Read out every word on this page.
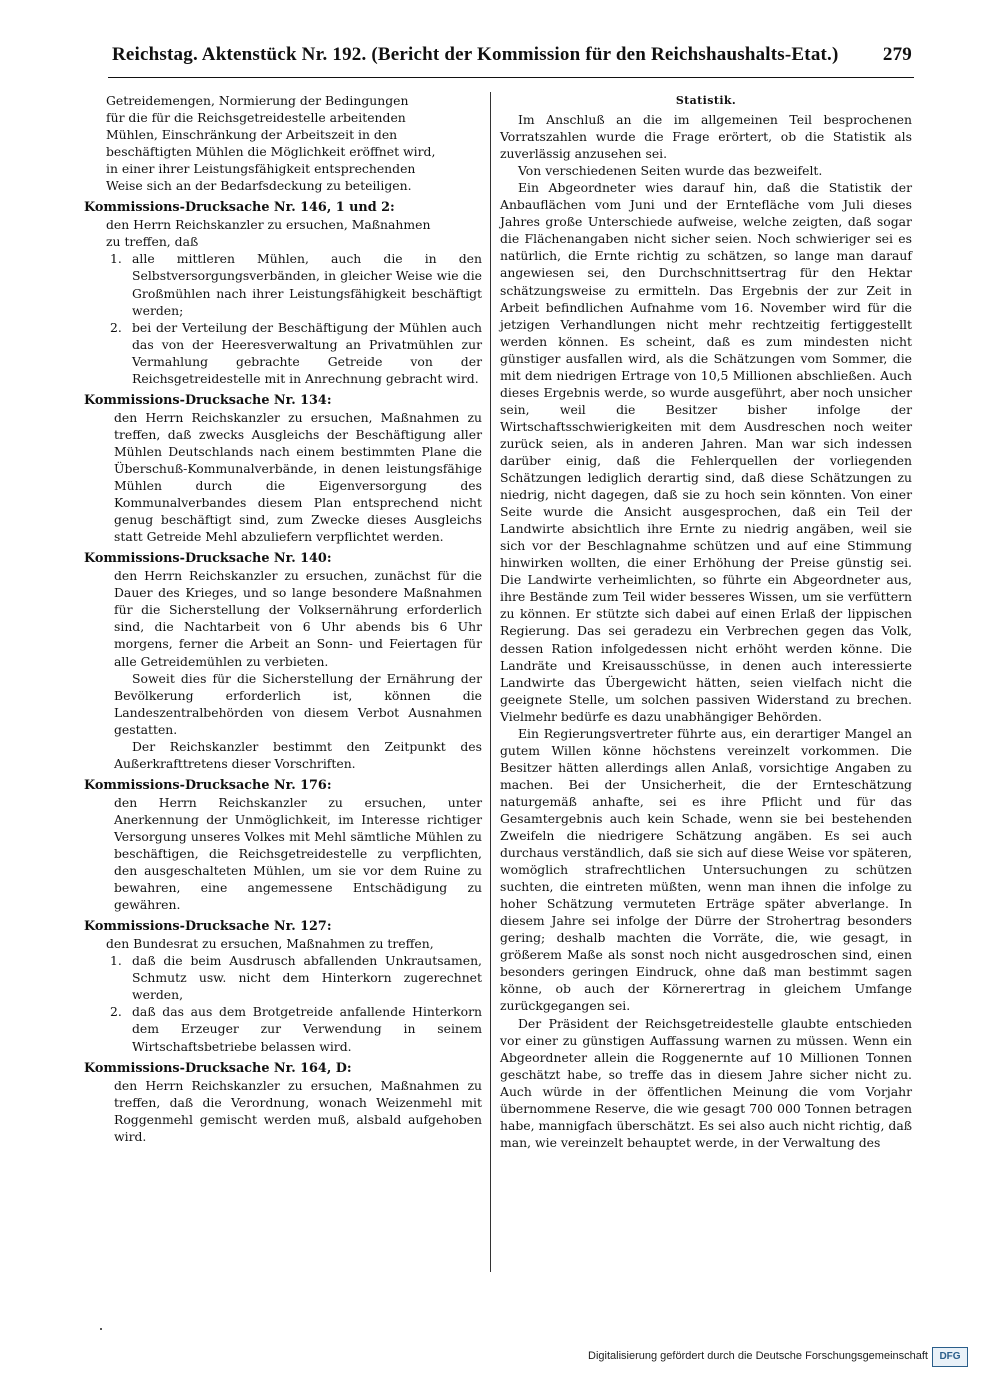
Reichstag. Aktenstück Nr. 192. (Bericht der Kommission für den Reichshaushalts-Etat.) 279

Getreidemengen, Normierung der Bedingungen

für die für die Reichsgetreidestelle arbeitenden

Mühlen, Einschränkung der Arbeitszeit in den

beschäftigten Mühlen die Möglichkeit eröffnet wird,

in einer ihrer Leistungsfähigkeit entsprechenden

Weise sich an der Bedarfsdeckung zu beteiligen.

Kommissions-Drucksache Nr. 146, 1 und 2:

den Herrn Reichskanzler zu ersuchen, Maßnahmen

zu treffen, daß

1. alle mittleren Mühlen, auch die in den Selbstversorgungsverbänden, in gleicher Weise wie die Großmühlen nach ihrer Leistungsfähigkeit beschäftigt werden;

2. bei der Verteilung der Beschäftigung der Mühlen auch das von der Heeresverwaltung an Privatmühlen zur Vermahlung gebrachte Getreide von der Reichsgetreidestelle mit in Anrechnung gebracht wird.

Kommissions-Drucksache Nr. 134:

den Herrn Reichskanzler zu ersuchen, Maßnahmen zu treffen, daß zwecks Ausgleichs der Beschäftigung aller Mühlen Deutschlands nach einem bestimmten Plane die Überschuß-Kommunalverbände, in denen leistungsfähige Mühlen durch die Eigenversorgung des Kommunalverbandes diesem Plan entsprechend nicht genug beschäftigt sind, zum Zwecke dieses Ausgleichs statt Getreide Mehl abzuliefern verpflichtet werden.

Kommissions-Drucksache Nr. 140:

den Herrn Reichskanzler zu ersuchen, zunächst für die Dauer des Krieges, und so lange besondere Maßnahmen für die Sicherstellung der Volksernährung erforderlich sind, die Nachtarbeit von 6 Uhr abends bis 6 Uhr morgens, ferner die Arbeit an Sonn- und Feiertagen für alle Getreidemühlen zu verbieten.

Soweit dies für die Sicherstellung der Ernährung der Bevölkerung erforderlich ist, können die Landeszentralbehörden von diesem Verbot Ausnahmen gestatten.

Der Reichskanzler bestimmt den Zeitpunkt des Außerkrafttretens dieser Vorschriften.

Kommissions-Drucksache Nr. 176:

den Herrn Reichskanzler zu ersuchen, unter Anerkennung der Unmöglichkeit, im Interesse richtiger Versorgung unseres Volkes mit Mehl sämtliche Mühlen zu beschäftigen, die Reichsgetreidestelle zu verpflichten, den ausgeschalteten Mühlen, um sie vor dem Ruine zu bewahren, eine angemessene Entschädigung zu gewähren.

Kommissions-Drucksache Nr. 127:

den Bundesrat zu ersuchen, Maßnahmen zu treffen,

1. daß die beim Ausdrusch abfallenden Unkrautsamen, Schmutz usw. nicht dem Hinterkorn zugerechnet werden,

2. daß das aus dem Brotgetreide anfallende Hinterkorn dem Erzeuger zur Verwendung in seinem Wirtschaftsbetriebe belassen wird.

Kommissions-Drucksache Nr. 164, D:

den Herrn Reichskanzler zu ersuchen, Maßnahmen zu treffen, daß die Verordnung, wonach Weizenmehl mit Roggenmehl gemischt werden muß, alsbald aufgehoben wird.

Statistik.

Im Anschluß an die im allgemeinen Teil besprochenen Vorratszahlen wurde die Frage erörtert, ob die Statistik als zuverlässig anzusehen sei.

Von verschiedenen Seiten wurde das bezweifelt.

Ein Abgeordneter wies darauf hin, daß die Statistik der Anbauflächen vom Juni und der Erntefläche vom Juli dieses Jahres große Unterschiede aufweise, welche zeigten, daß sogar die Flächenangaben nicht sicher seien. Noch schwieriger sei es natürlich, die Ernte richtig zu schätzen, so lange man darauf angewiesen sei, den Durchschnittsertrag für den Hektar schätzungsweise zu ermitteln. Das Ergebnis der zur Zeit in Arbeit befindlichen Aufnahme vom 16. November wird für die jetzigen Verhandlungen nicht mehr rechtzeitig fertiggestellt werden können. Es scheint, daß es zum mindesten nicht günstiger ausfallen wird, als die Schätzungen vom Sommer, die mit dem niedrigen Ertrage von 10,5 Millionen abschließen. Auch dieses Ergebnis werde, so wurde ausgeführt, aber noch unsicher sein, weil die Besitzer bisher infolge der Wirtschaftsschwierigkeiten mit dem Ausdreschen noch weiter zurück seien, als in anderen Jahren. Man war sich indessen darüber einig, daß die Fehlerquellen der vorliegenden Schätzungen lediglich derartig sind, daß diese Schätzungen zu niedrig, nicht dagegen, daß sie zu hoch sein könnten. Von einer Seite wurde die Ansicht ausgesprochen, daß ein Teil der Landwirte absichtlich ihre Ernte zu niedrig angäben, weil sie sich vor der Beschlagnahme schützen und auf eine Stimmung hinwirken wollten, die einer Erhöhung der Preise günstig sei. Die Landwirte verheimlichten, so führte ein Abgeordneter aus, ihre Bestände zum Teil wider besseres Wissen, um sie verfüttern zu können. Er stützte sich dabei auf einen Erlaß der lippischen Regierung. Das sei geradezu ein Verbrechen gegen das Volk, dessen Ration infolgedessen nicht erhöht werden könne. Die Landräte und Kreisausschüsse, in denen auch interessierte Landwirte das Übergewicht hätten, seien vielfach nicht die geeignete Stelle, um solchen passiven Widerstand zu brechen. Vielmehr bedürfe es dazu unabhängiger Behörden.

Ein Regierungsvertreter führte aus, ein derartiger Mangel an gutem Willen könne höchstens vereinzelt vorkommen. Die Besitzer hätten allerdings allen Anlaß, vorsichtige Angaben zu machen. Bei der Unsicherheit, die der Ernteschätzung naturgemäß anhafte, sei es ihre Pflicht und für das Gesamtergebnis auch kein Schade, wenn sie bei bestehenden Zweifeln die niedrigere Schätzung angäben. Es sei auch durchaus verständlich, daß sie sich auf diese Weise vor späteren, womöglich strafrechtlichen Untersuchungen zu schützen suchten, die eintreten müßten, wenn man ihnen die infolge zu hoher Schätzung vermuteten Erträge später abverlange. In diesem Jahre sei infolge der Dürre der Strohertrag besonders gering; deshalb machten die Vorräte, die, wie gesagt, in größerem Maße als sonst noch nicht ausgedroschen sind, einen besonders geringen Eindruck, ohne daß man bestimmt sagen könne, ob auch der Körnerertrag in gleichem Umfange zurückgegangen sei.

Der Präsident der Reichsgetreidestelle glaubte entschieden vor einer zu günstigen Auffassung warnen zu müssen. Wenn ein Abgeordneter allein die Roggenernte auf 10 Millionen Tonnen geschätzt habe, so treffe das in diesem Jahre sicher nicht zu. Auch würde in der öffentlichen Meinung die vom Vorjahr übernommene Reserve, die wie gesagt 700 000 Tonnen betragen habe, mannigfach überschätzt. Es sei also auch nicht richtig, daß man, wie vereinzelt behauptet werde, in der Verwaltung des

Digitalisierung gefördert durch die Deutsche Forschungsgemeinschaft	DFG
